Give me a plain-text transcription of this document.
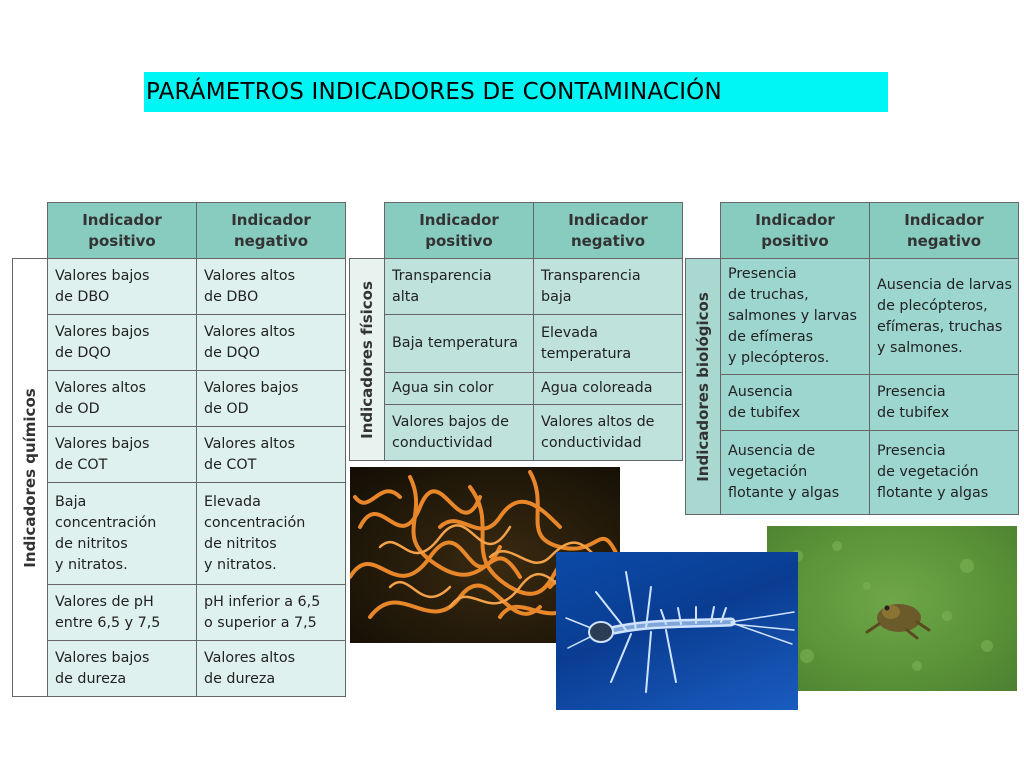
PARÁMETROS INDICADORES DE CONTAMINACIÓN
	Indicador
positivo	Indicador
negativo

Indicadores químicos	Valores bajos
de DBO	Valores altos
de DBO
	Valores bajos
de DQO	Valores altos
de DQO
	Valores altos
de OD	Valores bajos
de OD
	Valores bajos
de COT	Valores altos
de COT
	Baja
concentración
de nitritos
y nitratos.	Elevada
concentración
de nitritos
y nitratos.
	Valores de pH
entre 6,5 y 7,5	pH inferior a 6,5
o superior a 7,5
	Valores bajos
de dureza	Valores altos
de dureza
	Indicador
positivo	Indicador
negativo

Indicadores físicos	Transparencia
alta	Transparencia
baja
	Baja temperatura	Elevada
temperatura
	Agua sin color	Agua coloreada
	Valores bajos de
conductividad	Valores altos de
conductividad
	Indicador
positivo	Indicador
negativo

Indicadores biológicos	Presencia
de truchas,
salmones y larvas
de efímeras
y plecópteros.	Ausencia de larvas
de plecópteros,
efímeras, truchas
y salmones.
	Ausencia
de tubifex	Presencia
de tubifex
	Ausencia de
vegetación
flotante y algas	Presencia
de vegetación
flotante y algas
